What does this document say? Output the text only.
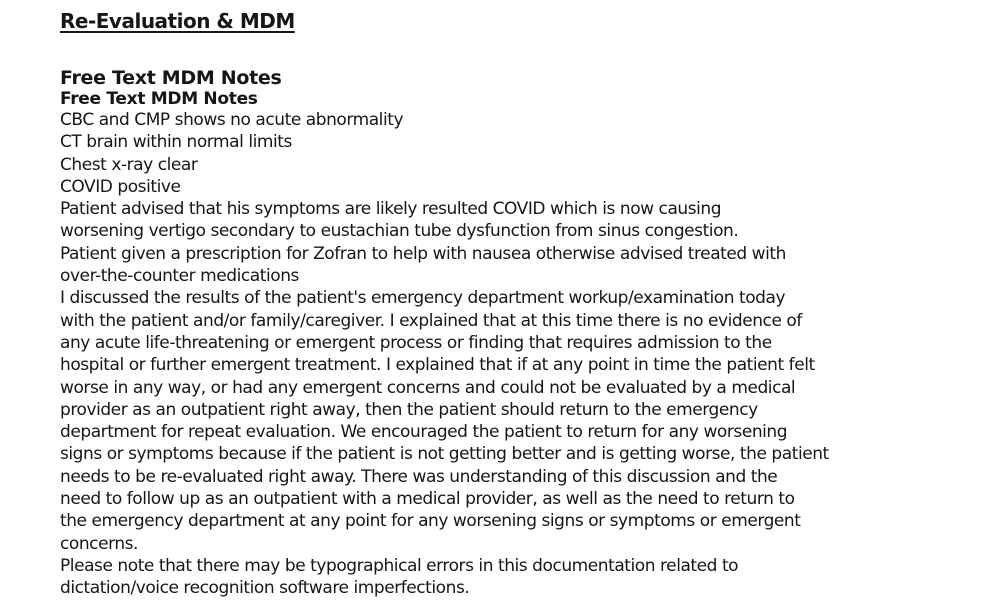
Re-Evaluation & MDM
Free Text MDM Notes
Free Text MDM Notes
CBC and CMP shows no acute abnormality
CT brain within normal limits
Chest x-ray clear
COVID positive
Patient advised that his symptoms are likely resulted COVID which is now causing
worsening vertigo secondary to eustachian tube dysfunction from sinus congestion.
Patient given a prescription for Zofran to help with nausea otherwise advised treated with
over-the-counter medications
I discussed the results of the patient's emergency department workup/examination today
with the patient and/or family/caregiver. I explained that at this time there is no evidence of
any acute life-threatening or emergent process or finding that requires admission to the
hospital or further emergent treatment. I explained that if at any point in time the patient felt
worse in any way, or had any emergent concerns and could not be evaluated by a medical
provider as an outpatient right away, then the patient should return to the emergency
department for repeat evaluation. We encouraged the patient to return for any worsening
signs or symptoms because if the patient is not getting better and is getting worse, the patient
needs to be re-evaluated right away. There was understanding of this discussion and the
need to follow up as an outpatient with a medical provider, as well as the need to return to
the emergency department at any point for any worsening signs or symptoms or emergent
concerns.
Please note that there may be typographical errors in this documentation related to
dictation/voice recognition software imperfections.
